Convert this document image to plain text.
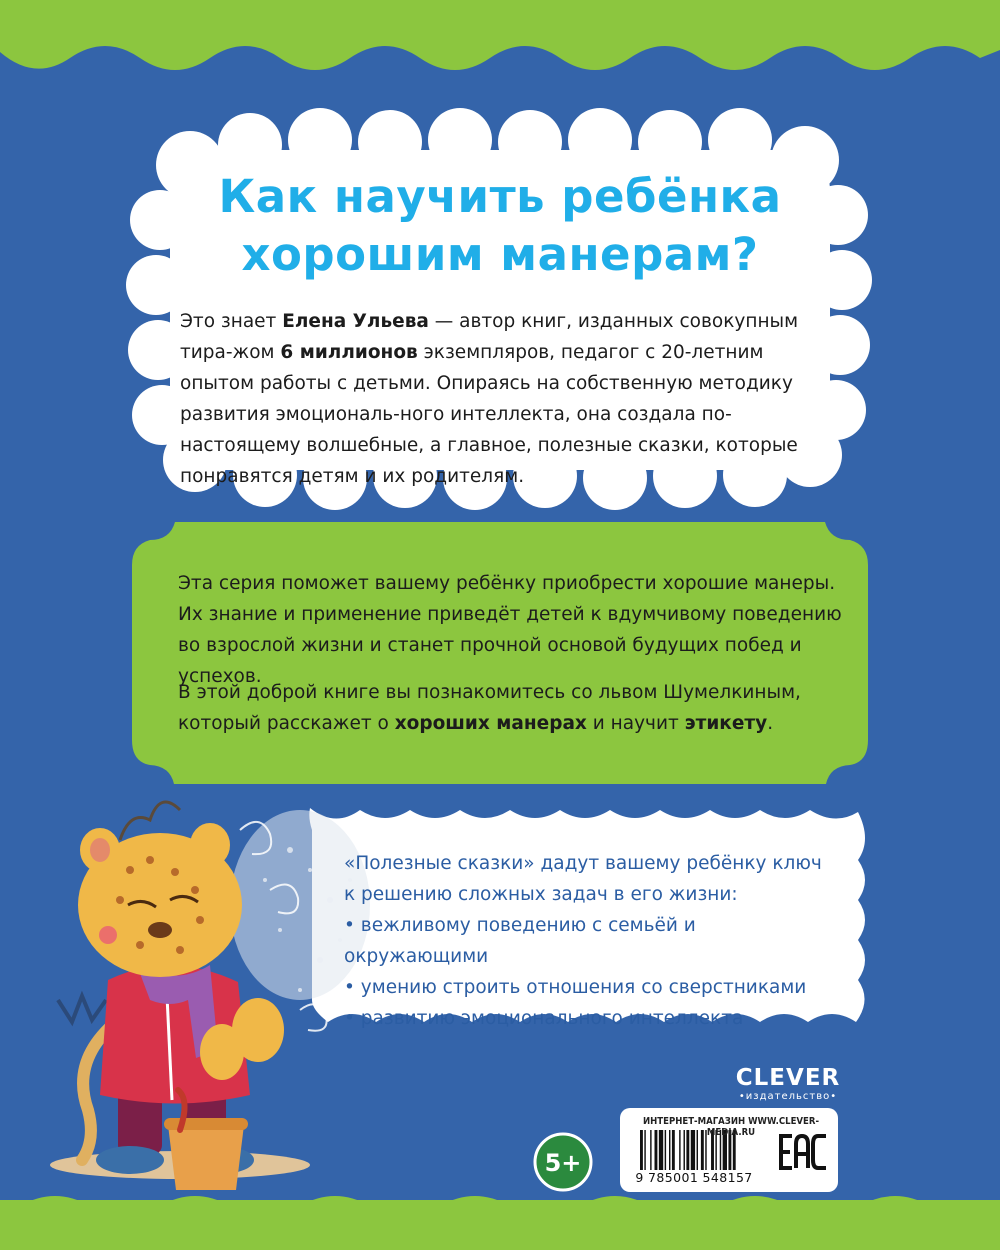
Как научить ребёнка хорошим манерам?

Это знает Елена Ульева — автор книг, изданных совокупным тира-жом 6 миллионов экземпляров, педагог с 20-летним опытом работы с детьми. Опираясь на собственную методику развития эмоциональ-ного интеллекта, она создала по-настоящему волшебные, а главное, полезные сказки, которые понравятся детям и их родителям.

Эта серия поможет вашему ребёнку приобрести хорошие манеры. Их знание и применение приведёт детей к вдумчивому поведению во взрослой жизни и станет прочной основой будущих побед и успехов.

В этой доброй книге вы познакомитесь со львом Шумелкиным, который расскажет о хороших манерах и научит этикету.

«Полезные сказки» дадут вашему ребёнку ключ
к решению сложных задач в его жизни:
• вежливому поведению с семьёй и окружающими
• умению строить отношения со сверстниками
• развитию эмоционального интеллекта
CLEVER
•издательство•
ИНТЕРНЕТ-МАГАЗИН WWW.CLEVER-MEDIA.RU
9 785001 548157
5+
